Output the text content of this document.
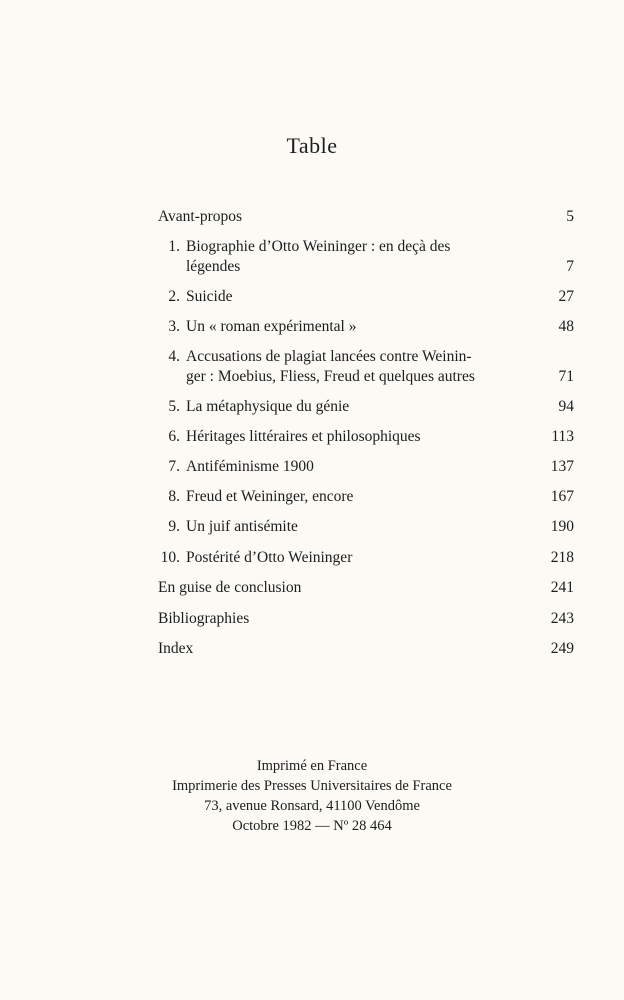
Table
Avant-propos	5
1. Biographie d’Otto Weininger : en deçà des
légendes	7
2. Suicide	27
3. Un « roman expérimental »	48
4. Accusations de plagiat lancées contre Weinin-
ger : Moebius, Fliess, Freud et quelques autres	71
5. La métaphysique du génie	94
6. Héritages littéraires et philosophiques	113
7. Antiféminisme 1900	137
8. Freud et Weininger, encore	167
9. Un juif antisémite	190
10. Postérité d’Otto Weininger	218
En guise de conclusion	241
Bibliographies	243
Index	249
Imprimé en France
Imprimerie des Presses Universitaires de France
73, avenue Ronsard, 41100 Vendôme
Octobre 1982 — Nº 28 464
